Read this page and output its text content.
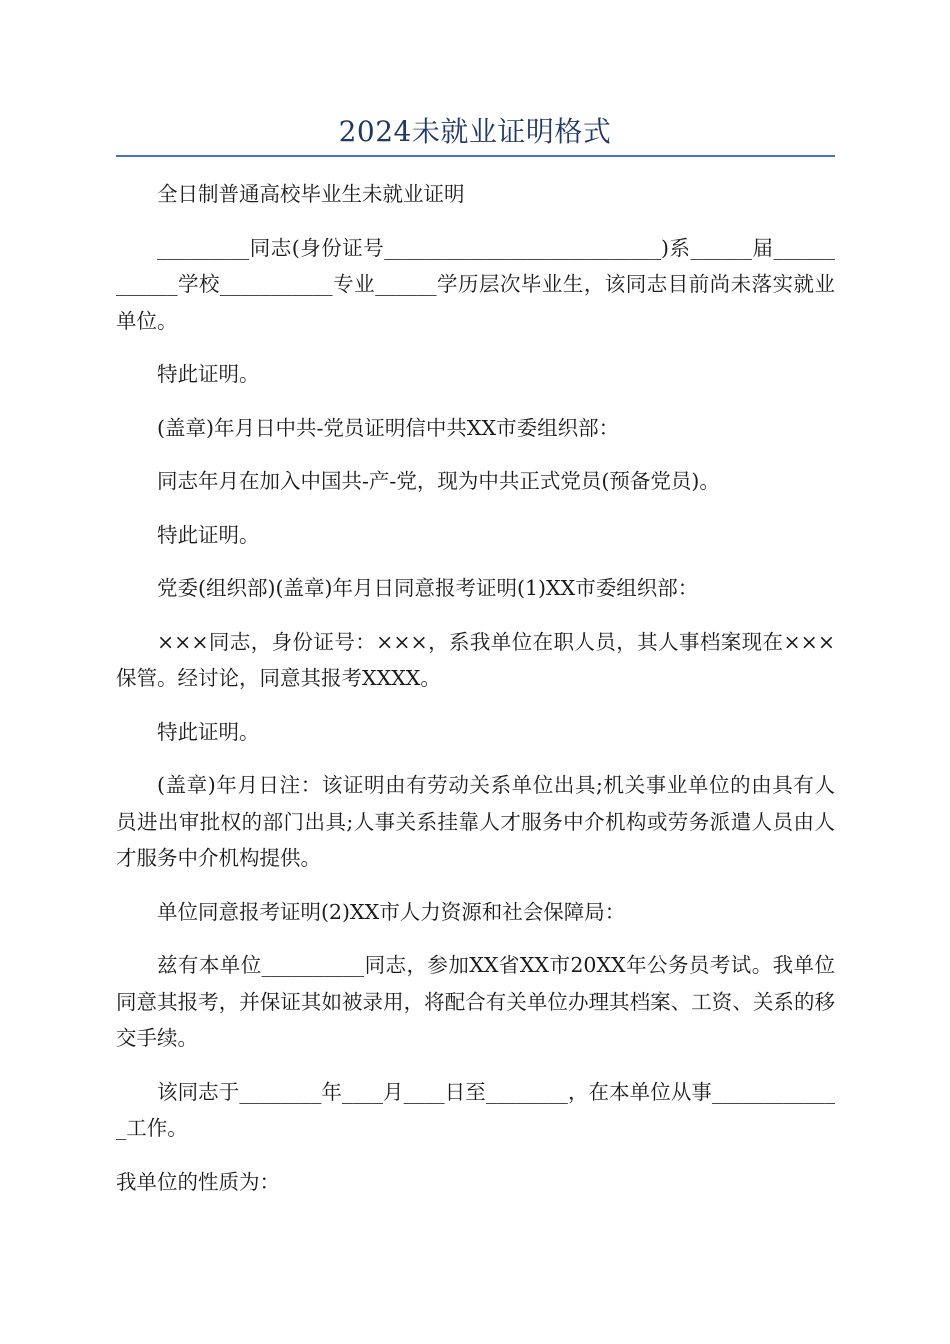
2024未就业证明格式

全日制普通高校毕业生未就业证明

_________同志(身份证号___________________________)系______届____________学校___________专业______学历层次毕业生，该同志目前尚未落实就业单位。

特此证明。

(盖章)年月日中共-党员证明信中共XX市委组织部：

同志年月在加入中国共-产-党，现为中共正式党员(预备党员)。

特此证明。

党委(组织部)(盖章)年月日同意报考证明(1)XX市委组织部：

×××同志，身份证号：×××，系我单位在职人员，其人事档案现在×××保管。经讨论，同意其报考XXXX。

特此证明。

(盖章)年月日注：该证明由有劳动关系单位出具;机关事业单位的由具有人员进出审批权的部门出具;人事关系挂靠人才服务中介机构或劳务派遣人员由人才服务中介机构提供。

单位同意报考证明(2)XX市人力资源和社会保障局：

兹有本单位__________同志，参加XX省XX市20XX年公务员考试。我单位同意其报考，并保证其如被录用，将配合有关单位办理其档案、工资、关系的移交手续。

该同志于________年____月____日至________，在本单位从事_____________工作。

我单位的性质为：
